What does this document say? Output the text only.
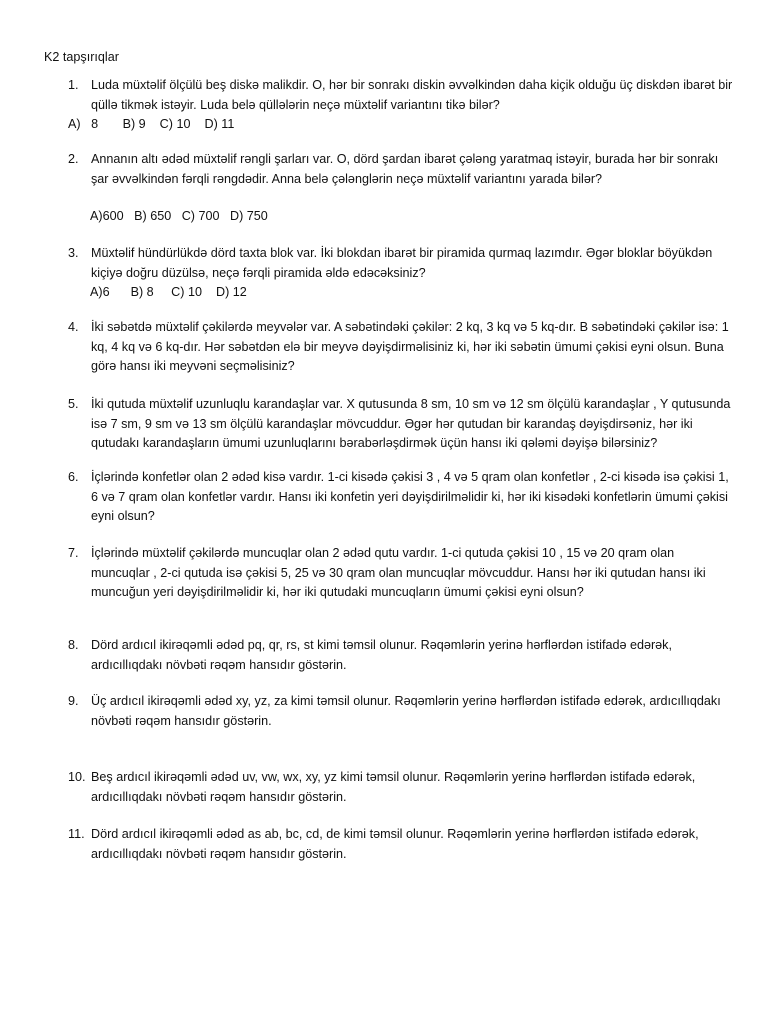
K2 tapşırıqlar
1. Luda müxtəlif ölçülü beş diskə malikdir. O, hər bir sonrakı diskin əvvəlkindən daha kiçik olduğu üç diskdən ibarət bir qüllə tikmək istəyir. Luda belə qüllələrin neçə müxtəlif variantını tikə bilər?
A)   8       B) 9    C) 10    D) 11
2. Annanın altı ədəd müxtəlif rəngli şarları var. O, dörd şardan ibarət çələng yaratmaq istəyir, burada hər bir sonrakı şar əvvəlkindən fərqli rəngdədir. Anna belə çələnglərin neçə müxtəlif variantını yarada bilər?
A)600   B) 650   C) 700   D) 750
3. Müxtəlif hündürlükdə dörd taxta blok var. İki blokdan ibarət bir piramida qurmaq lazımdır. Əgər bloklar böyükdən kiçiyə doğru düzülsə, neçə fərqli piramida əldə edəcəksiniz?
A)6      B) 8     C) 10    D) 12
4. İki səbətdə müxtəlif çəkilərdə meyvələr var. A səbətindəki çəkilər: 2 kq, 3 kq və 5 kq-dır. B səbətindəki çəkilər isə: 1 kq, 4 kq və 6 kq-dır. Hər səbətdən elə bir meyvə dəyişdirməlisiniz ki, hər iki səbətin ümumi çəkisi eyni olsun. Buna görə hansı iki meyvəni seçməlisiniz?
5. İki qutuda müxtəlif uzunluqlu karandaşlar var. X qutusunda 8 sm, 10 sm və 12 sm ölçülü karandaşlar , Y qutusunda isə 7 sm, 9 sm və 13 sm ölçülü karandaşlar mövcuddur. Əgər hər qutudan bir karandaş dəyişdirsəniz, hər iki qutudakı karandaşların ümumi uzunluqlarını bərabərləşdirmək üçün hansı iki qələmi dəyişə bilərsiniz?
6. İçlərində konfetlər olan 2 ədəd kisə vardır. 1-ci kisədə çəkisi 3 , 4 və 5 qram olan konfetlər , 2-ci kisədə isə çəkisi 1, 6 və 7 qram olan konfetlər vardır. Hansı iki konfetin yeri dəyişdirilməlidir ki, hər iki kisədəki konfetlərin ümumi çəkisi eyni olsun?
7. İçlərində müxtəlif çəkilərdə muncuqlar olan 2 ədəd qutu vardır. 1-ci qutuda çəkisi 10 , 15 və 20 qram olan muncuqlar , 2-ci qutuda isə çəkisi 5, 25 və 30 qram olan muncuqlar mövcuddur. Hansı hər iki qutudan hansı iki muncuğun yeri dəyişdirilməlidir ki, hər iki qutudaki muncuqların ümumi çəkisi eyni olsun?
8. Dörd ardıcıl ikirəqəmli ədəd pq, qr, rs, st kimi təmsil olunur. Rəqəmlərin yerinə hərflərdən istifadə edərək, ardıcıllıqdakı növbəti rəqəm hansıdır göstərin.
9. Üç ardıcıl ikirəqəmli ədəd xy, yz, za kimi təmsil olunur. Rəqəmlərin yerinə hərflərdən istifadə edərək, ardıcıllıqdakı növbəti rəqəm hansıdır göstərin.
10. Beş ardıcıl ikirəqəmli ədəd uv, vw, wx, xy, yz kimi təmsil olunur. Rəqəmlərin yerinə hərflərdən istifadə edərək, ardıcıllıqdakı növbəti rəqəm hansıdır göstərin.
11. Dörd ardıcıl ikirəqəmli ədəd as ab, bc, cd, de kimi təmsil olunur. Rəqəmlərin yerinə hərflərdən istifadə edərək, ardıcıllıqdakı növbəti rəqəm hansıdır göstərin.
